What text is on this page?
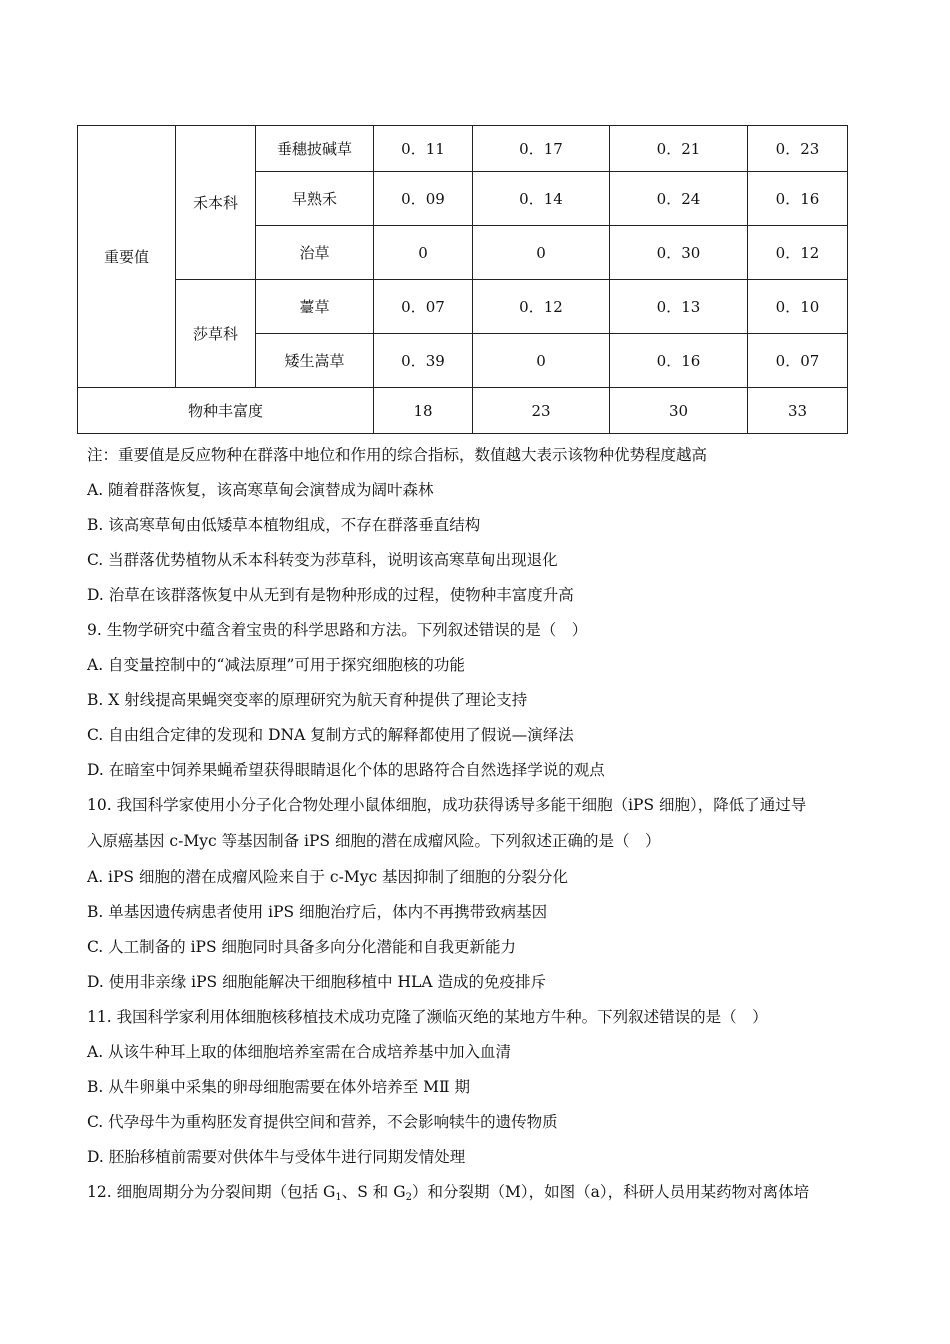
重要值	禾本科	垂穗披碱草	0．11	0．17	0．21	0．23
		早熟禾	0．09	0．14	0．24	0．16
		治草	0	0	0．30	0．12
	莎草科	薹草	0．07	0．12	0．13	0．10
		矮生嵩草	0．39	0	0．16	0．07
物种丰富度			18	23	30	33
注：重要值是反应物种在群落中地位和作用的综合指标，数值越大表示该物种优势程度越高
A. 随着群落恢复，该高寒草甸会演替成为阔叶森林
B. 该高寒草甸由低矮草本植物组成，不存在群落垂直结构
C. 当群落优势植物从禾本科转变为莎草科，说明该高寒草甸出现退化
D. 治草在该群落恢复中从无到有是物种形成的过程，使物种丰富度升高
9. 生物学研究中蕴含着宝贵的科学思路和方法。下列叙述错误的是（　）
A. 自变量控制中的“减法原理”可用于探究细胞核的功能
B. X 射线提高果蝇突变率的原理研究为航天育种提供了理论支持
C. 自由组合定律的发现和 DNA 复制方式的解释都使用了假说—演绎法
D. 在暗室中饲养果蝇希望获得眼睛退化个体的思路符合自然选择学说的观点
10. 我国科学家使用小分子化合物处理小鼠体细胞，成功获得诱导多能干细胞（iPS 细胞），降低了通过导
入原癌基因 c-Myc 等基因制备 iPS 细胞的潜在成瘤风险。下列叙述正确的是（　）
A. iPS 细胞的潜在成瘤风险来自于 c-Myc 基因抑制了细胞的分裂分化
B. 单基因遗传病患者使用 iPS 细胞治疗后，体内不再携带致病基因
C. 人工制备的 iPS 细胞同时具备多向分化潜能和自我更新能力
D. 使用非亲缘 iPS 细胞能解决干细胞移植中 HLA 造成的免疫排斥
11. 我国科学家利用体细胞核移植技术成功克隆了濒临灭绝的某地方牛种。下列叙述错误的是（　）
A. 从该牛种耳上取的体细胞培养室需在合成培养基中加入血清
B. 从牛卵巢中采集的卵母细胞需要在体外培养至 MⅡ 期
C. 代孕母牛为重构胚发育提供空间和营养，不会影响犊牛的遗传物质
D. 胚胎移植前需要对供体牛与受体牛进行同期发情处理
12. 细胞周期分为分裂间期（包括 $G_1$、S 和 $G_2$）和分裂期（M），如图（a），科研人员用某药物对离体培
